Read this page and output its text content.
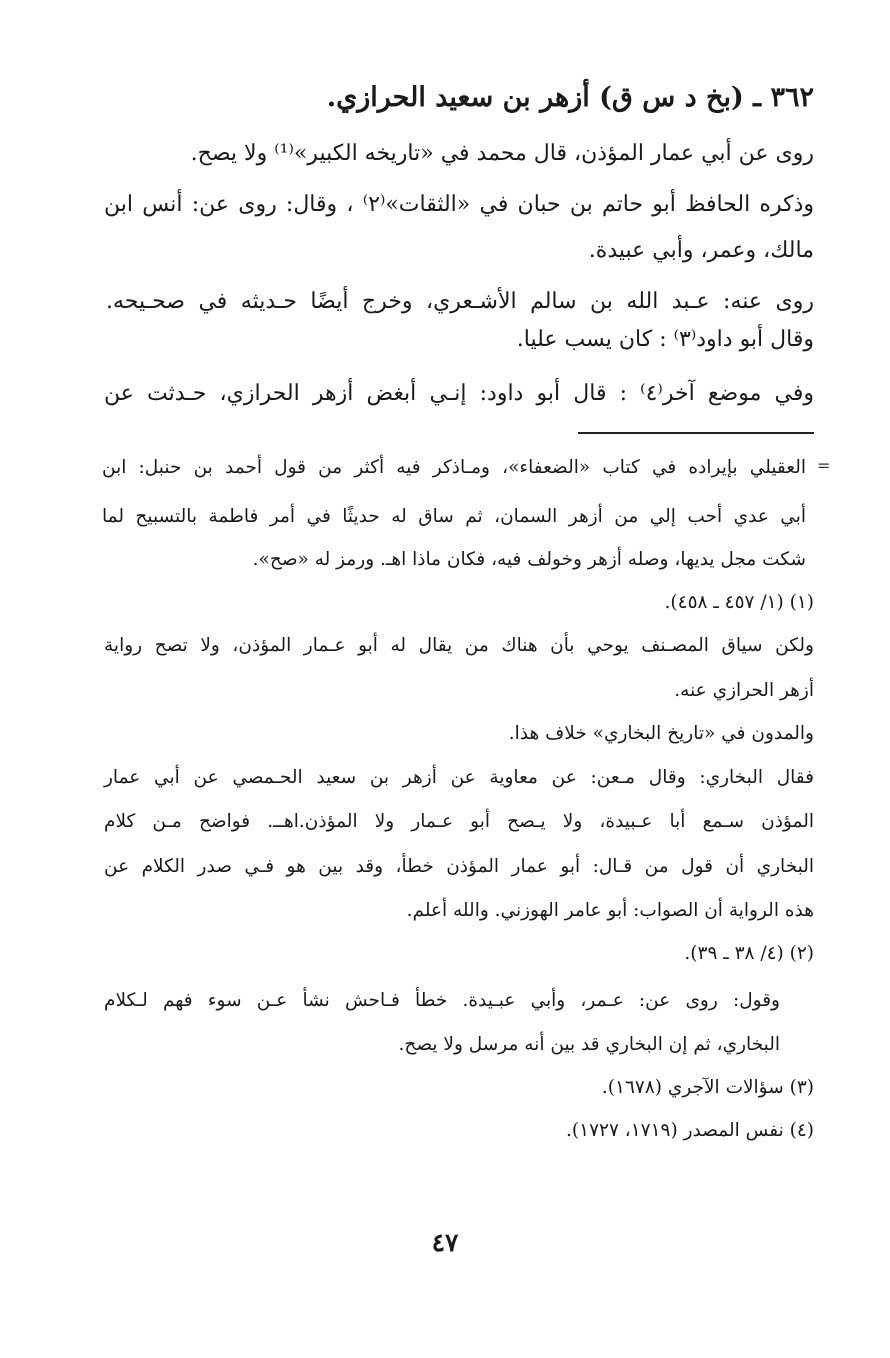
٣٦٢ ـ (بخ د س ق) أزهر بن سعيد الحرازي.
روى عن أبي عمار المؤذن، قال محمد في «تاريخه الكبير»⁽¹⁾ ولا يصح.
وذكره الحافظ أبو حاتم بن حبان في «الثقات»⁽٢⁾ ، وقال: روى عن: أنس ابن
مالك، وعمر، وأبي عبيدة.
روى عنه: عـبد الله بن سالم الأشـعري، وخرج أيضًا حـديثه في صحـيحه.
وقال أبو داود⁽٣⁾ : كان يسب عليا.
وفي موضع آخر⁽٤⁾ : قال أبو داود: إنـي أبغض أزهر الحرازي، حـدثت عن
=
العقيلي بإيراده في كتاب «الضعفاء»، ومـاذكر فيه أكثر من قول أحمد بن حنبل: ابن
أبي عدي أحب إلي من أزهر السمان، ثم ساق له حديثًا في أمر فاطمة بالتسبيح لما
شكت مجل يديها، وصله أزهر وخولف فيه، فكان ماذا اهـ. ورمز له «صح».
(١) (١/ ٤٥٧ ـ ٤٥٨).
ولكن سياق المصـنف يوحي بأن هناك من يقال له أبو عـمار المؤذن، ولا تصح رواية
أزهر الحرازي عنه.
والمدون في «تاريخ البخاري» خلاف هذا.
فقال البخاري: وقال مـعن: عن معاوية عن أزهر بن سعيد الحـمصي عن أبي عمار
المؤذن سـمع أبا عـبيدة، ولا يـصح أبو عـمار ولا المؤذن.اهــ. فواضح مـن كلام
البخاري أن قول من قـال: أبو عمار المؤذن خطأ، وقد بين هو فـي صدر الكلام عن
هذه الرواية أن الصواب: أبو عامر الهوزني. والله أعلم.
(٢) (٤/ ٣٨ ـ ٣٩).
وقول: روى عن: عـمر، وأبي عبـيدة. خطأ فـاحش نشأ عـن سوء فهم لـكلام
البخاري، ثم إن البخاري قد بين أنه مرسل ولا يصح.
(٣) سؤالات الآجري (١٦٧٨).
(٤) نفس المصدر (١٧١٩، ١٧٢٧).
٤٧
